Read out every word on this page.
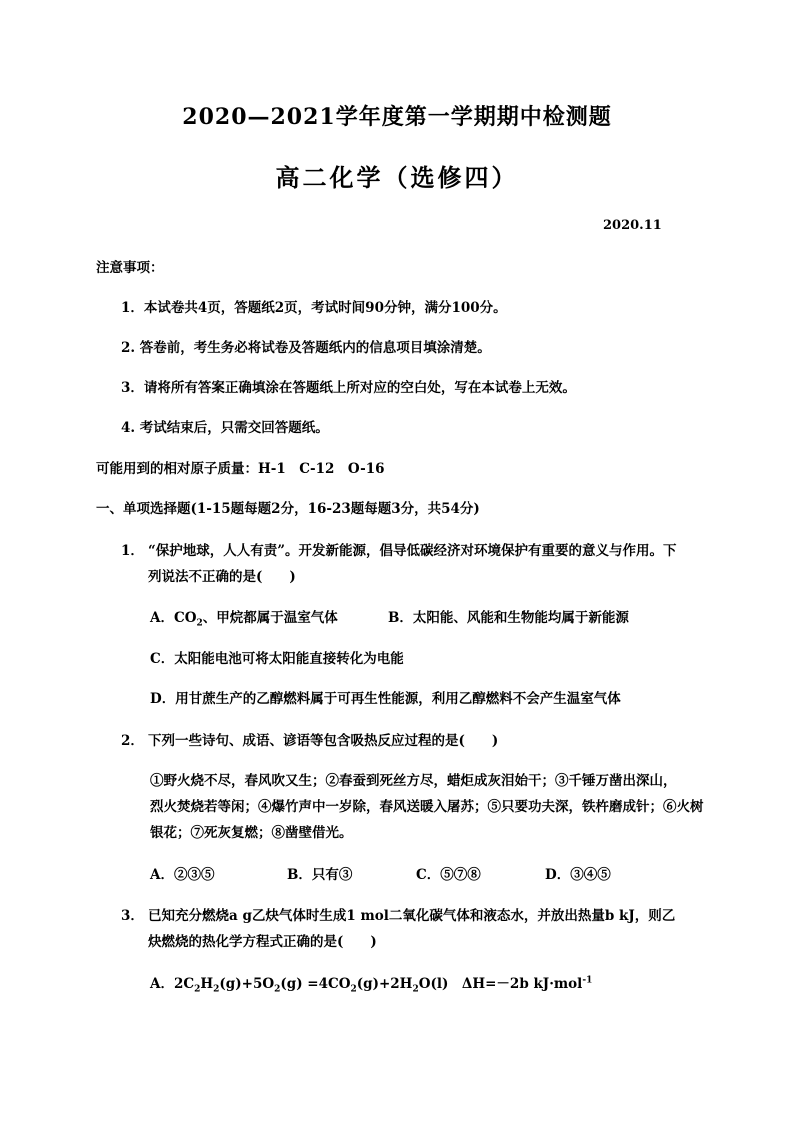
2020—2021学年度第一学期期中检测题
高二化学（选修四）
2020.11
注意事项：
1．本试卷共4页，答题纸2页，考试时间90分钟，满分100分。
2. 答卷前，考生务必将试卷及答题纸内的信息项目填涂清楚。
3．请将所有答案正确填涂在答题纸上所对应的空白处，写在本试卷上无效。
4. 考试结束后，只需交回答题纸。
可能用到的相对原子质量：H-1　C-12　O-16
一、单项选择题(1-15题每题2分，16-23题每题3分，共54分)
1． “保护地球，人人有责”。开发新能源，倡导低碳经济对环境保护有重要的意义与作用。下
列说法不正确的是(　　)
A．$CO_2$、甲烷都属于温室气体	B．太阳能、风能和生物能均属于新能源
C．太阳能电池可将太阳能直接转化为电能
D．用甘蔗生产的乙醇燃料属于可再生性能源，利用乙醇燃料不会产生温室气体
2． 下列一些诗句、成语、谚语等包含吸热反应过程的是(　　)
①野火烧不尽，春风吹又生；②春蚕到死丝方尽，蜡炬成灰泪始干；③千锤万凿出深山，
烈火焚烧若等闲；④爆竹声中一岁除，春风送暖入屠苏；⑤只要功夫深，铁杵磨成针；⑥火树
银花；⑦死灰复燃；⑧凿壁借光。
A．②③⑤	B．只有③	C．⑤⑦⑧	D．③④⑤
3． 已知充分燃烧a g乙炔气体时生成1 mol二氧化碳气体和液态水，并放出热量b kJ，则乙
炔燃烧的热化学方程式正确的是(　　)
A．$2C_2H_2(g)+5O_2(g) =4CO_2(g)+2H_2O(l)$　ΔH=－2b kJ·mol$^{-1}$
